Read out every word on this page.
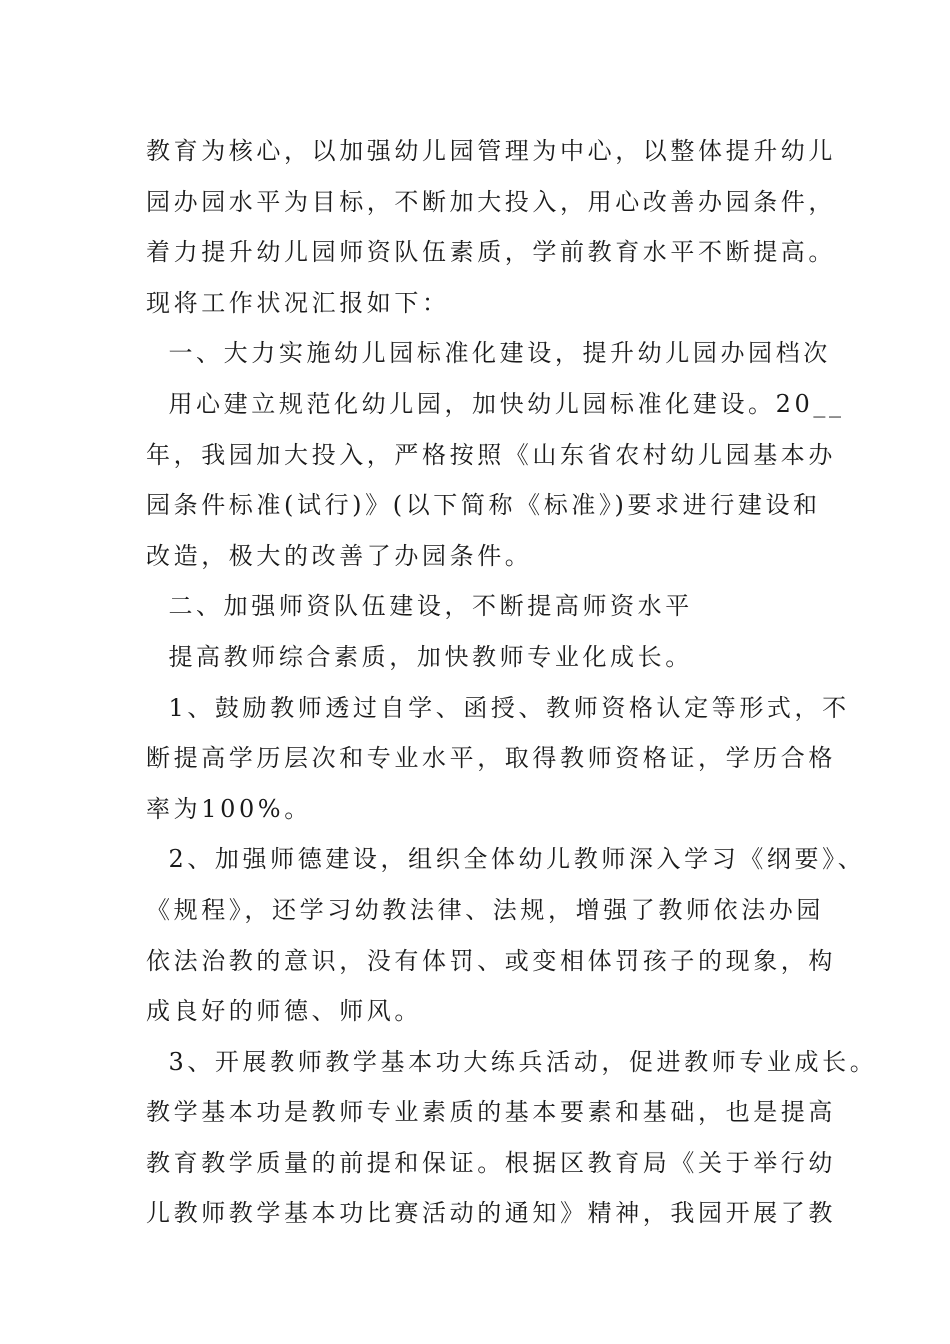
教育为核心，以加强幼儿园管理为中心，以整体提升幼儿
园办园水平为目标，不断加大投入，用心改善办园条件，
着力提升幼儿园师资队伍素质，学前教育水平不断提高。
现将工作状况汇报如下：
一、大力实施幼儿园标准化建设，提升幼儿园办园档次
用心建立规范化幼儿园，加快幼儿园标准化建设。20__
年，我园加大投入，严格按照《山东省农村幼儿园基本办
园条件标准(试行)》(以下简称《标准》)要求进行建设和
改造，极大的改善了办园条件。
二、加强师资队伍建设，不断提高师资水平
提高教师综合素质，加快教师专业化成长。
1、鼓励教师透过自学、函授、教师资格认定等形式，不
断提高学历层次和专业水平，取得教师资格证，学历合格
率为100%。
2、加强师德建设，组织全体幼儿教师深入学习《纲要》、
《规程》，还学习幼教法律、法规，增强了教师依法办园
依法治教的意识，没有体罚、或变相体罚孩子的现象，构
成良好的师德、师风。
3、开展教师教学基本功大练兵活动，促进教师专业成长。
教学基本功是教师专业素质的基本要素和基础，也是提高
教育教学质量的前提和保证。根据区教育局《关于举行幼
儿教师教学基本功比赛活动的通知》精神，我园开展了教
